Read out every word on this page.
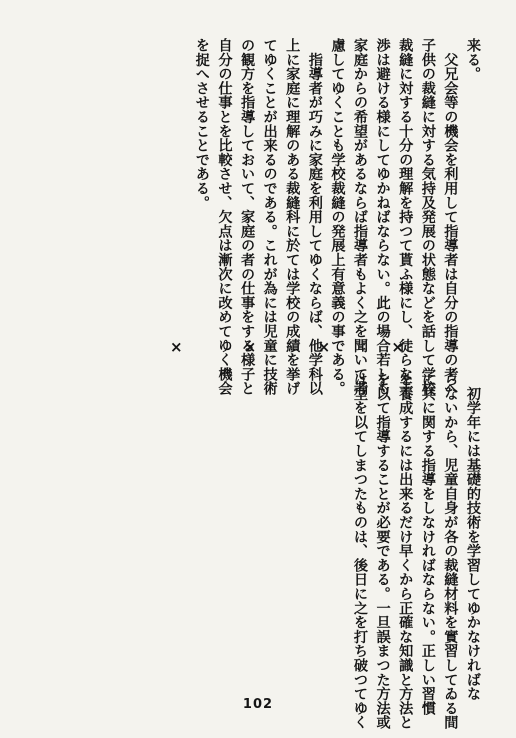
来る。
　父兄会等の機会を利用して指導者は自分の指導の考へ
子供の裁縫に対する気持及発展の状態などを話して学校
裁縫に対する十分の理解を持つて貰ふ様にし、徒らな干
渉は避ける様にしてゆかねばならない。此の場合若しも
家庭からの希望があるならば指導者もよく之を聞いて考
慮してゆくことも学校裁縫の発展上有意義の事である。
　指導者が巧みに家庭を利用してゆくならば、他学科以
上に家庭に理解のある裁縫科に於ては学校の成績を挙げ
てゆくことが出来るのである。これが為には児童に技術
の観方を指導しておいて、家庭の者の仕事をする様子と
自分の仕事とを比較させ、欠点は漸次に改めてゆく機会
を捉へさせることである。
× × × ×
　初学年には基礎的技術を学習してゆかなければな
らないから、児童自身が各の裁縫材料を實習してゐる間
に共に関する指導をしなければならない。正しい習慣
を養成するには出来るだけ早くから正確な知識と方法と
を以て指導することが必要である。一旦誤まつた方法或
は型を以てしまつたものは、後日に之を打ち破つてゆく
102
